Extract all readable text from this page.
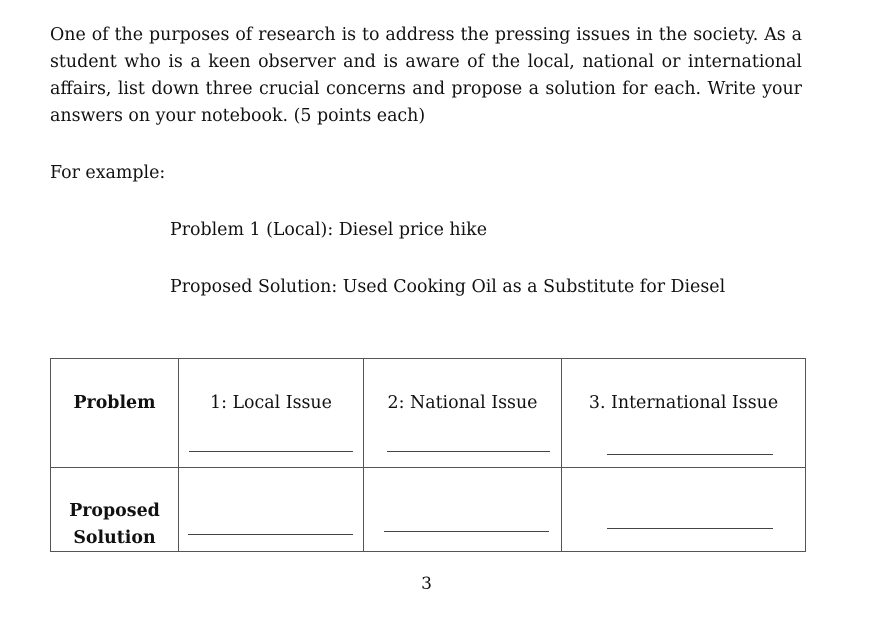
One of the purposes of research is to address the pressing issues in the society. As a student who is a keen observer and is aware of the local, national or international affairs, list down three crucial concerns and propose a solution for each. Write your answers on your notebook. (5 points each)

For example:

Problem 1 (Local): Diesel price hike

Proposed Solution: Used Cooking Oil as a Substitute for Diesel

Problem	1: Local Issue	2: National Issue	3. International Issue

Proposed Solution			

3
